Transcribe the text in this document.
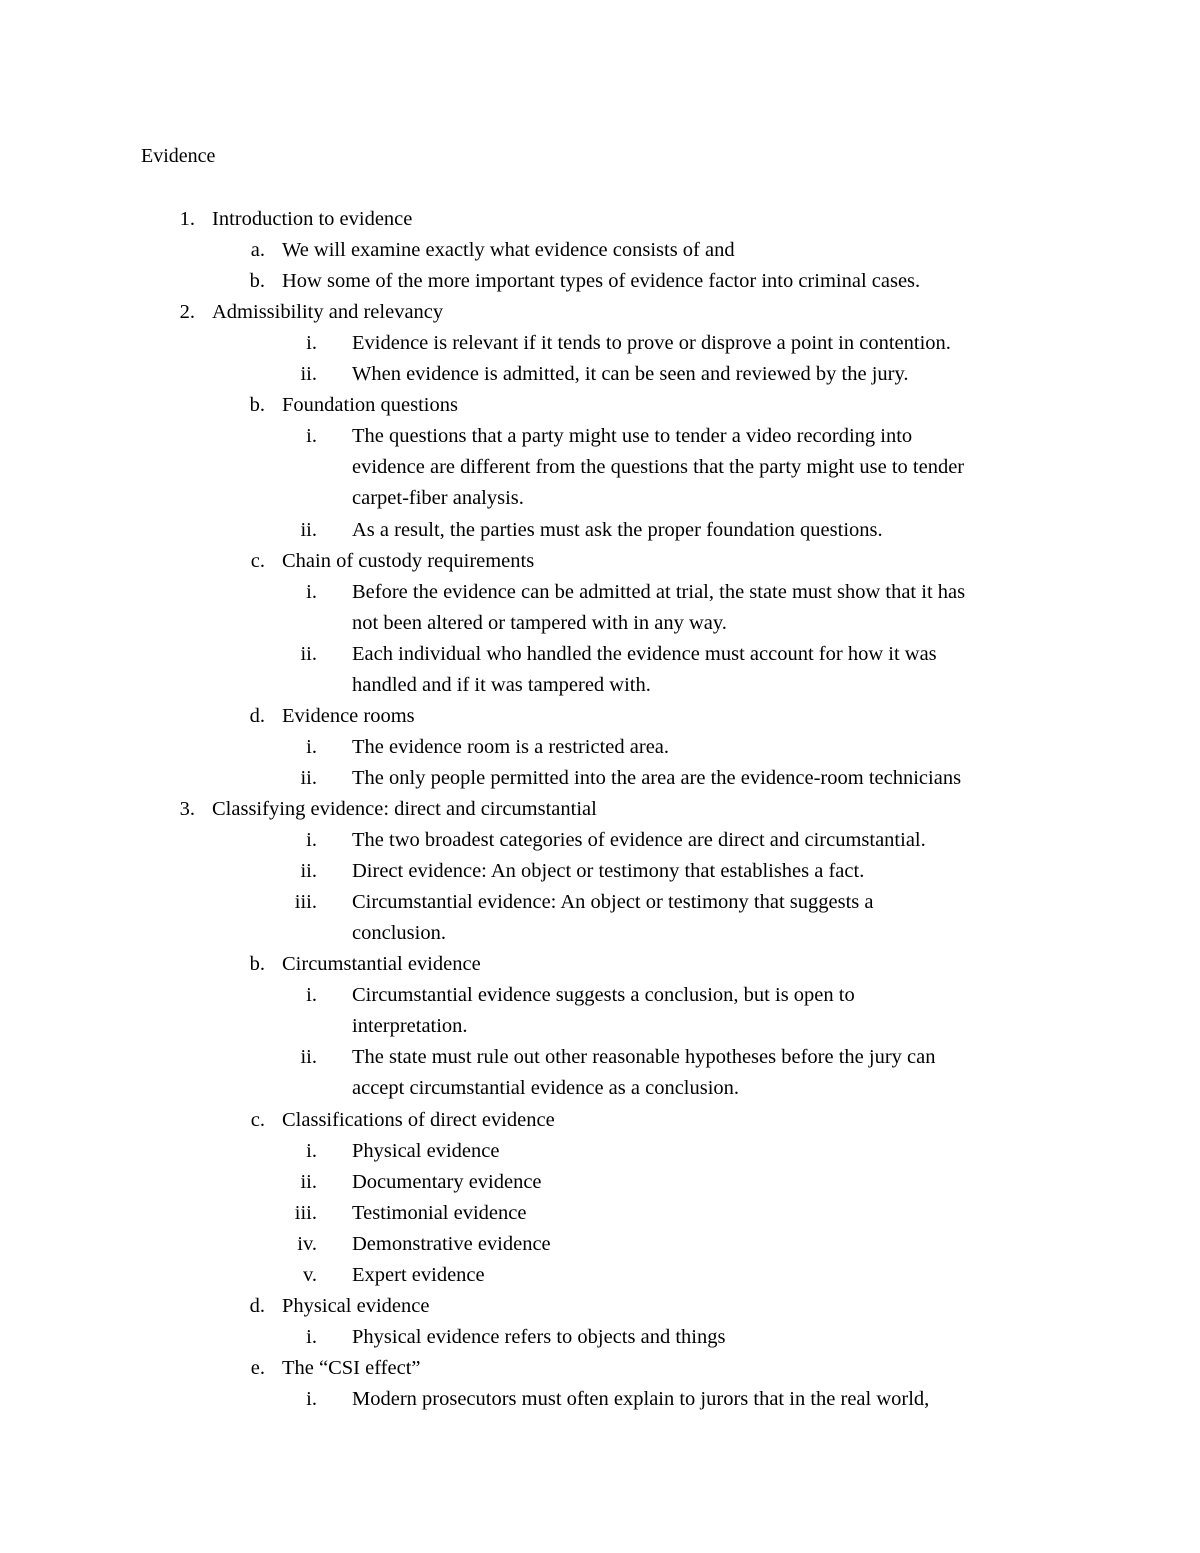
Evidence
1. Introduction to evidence
a. We will examine exactly what evidence consists of and
b. How some of the more important types of evidence factor into criminal cases.
2. Admissibility and relevancy
i. Evidence is relevant if it tends to prove or disprove a point in contention.
ii. When evidence is admitted, it can be seen and reviewed by the jury.
b. Foundation questions
i. The questions that a party might use to tender a video recording into
evidence are different from the questions that the party might use to tender
carpet-fiber analysis.
ii. As a result, the parties must ask the proper foundation questions.
c. Chain of custody requirements
i. Before the evidence can be admitted at trial, the state must show that it has
not been altered or tampered with in any way.
ii. Each individual who handled the evidence must account for how it was
handled and if it was tampered with.
d. Evidence rooms
i. The evidence room is a restricted area.
ii. The only people permitted into the area are the evidence-room technicians
3. Classifying evidence: direct and circumstantial
i. The two broadest categories of evidence are direct and circumstantial.
ii. Direct evidence: An object or testimony that establishes a fact.
iii. Circumstantial evidence: An object or testimony that suggests a
conclusion.
b. Circumstantial evidence
i. Circumstantial evidence suggests a conclusion, but is open to
interpretation.
ii. The state must rule out other reasonable hypotheses before the jury can
accept circumstantial evidence as a conclusion.
c. Classifications of direct evidence
i. Physical evidence
ii. Documentary evidence
iii. Testimonial evidence
iv. Demonstrative evidence
v. Expert evidence
d. Physical evidence
i. Physical evidence refers to objects and things
e. The “CSI effect”
i. Modern prosecutors must often explain to jurors that in the real world,
